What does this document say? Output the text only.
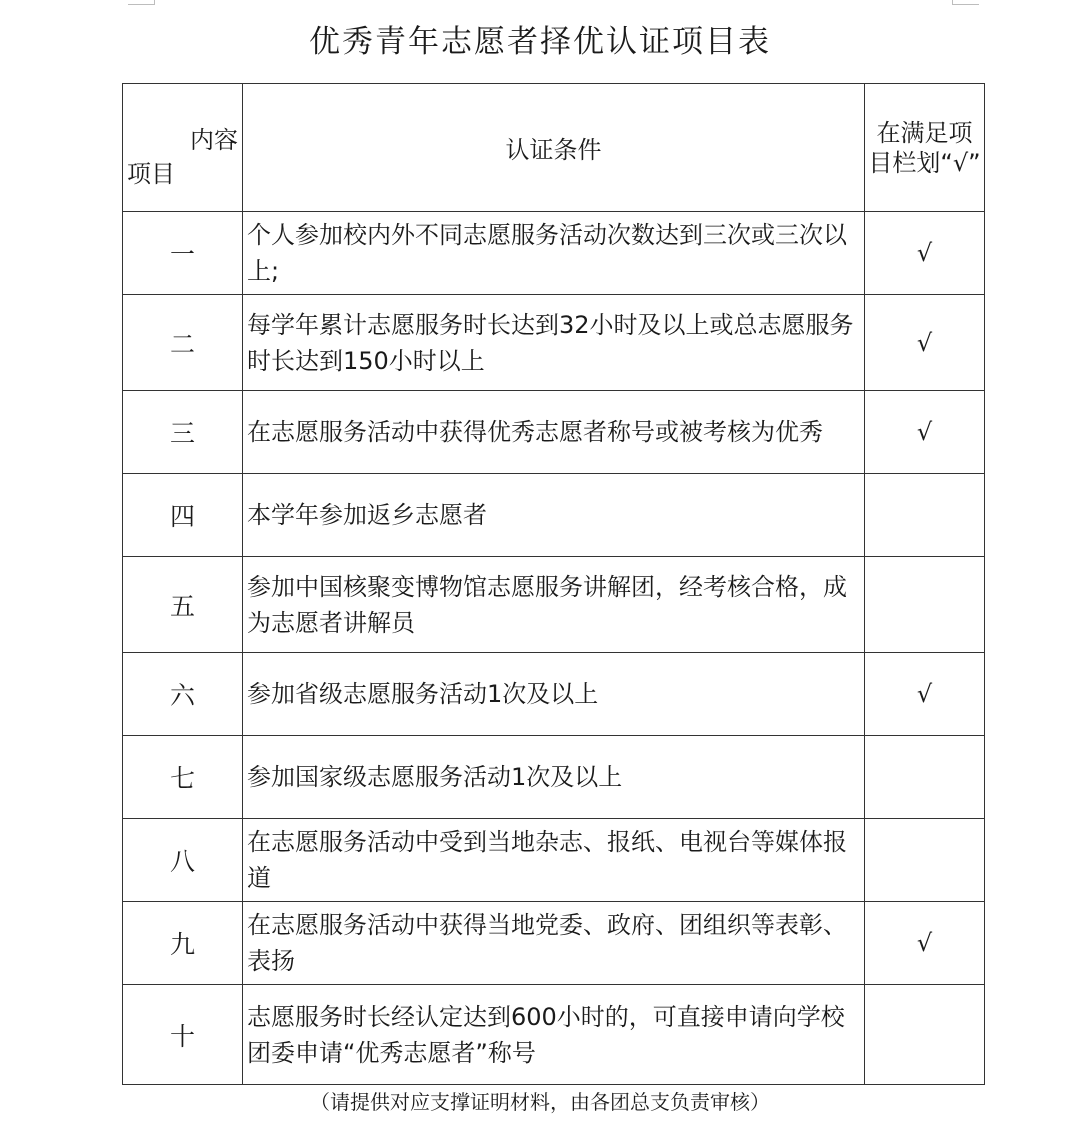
优秀青年志愿者择优认证项目表
内容
项目	认证条件	在满足项目栏划“√”
一	个人参加校内外不同志愿服务活动次数达到三次或三次以上;	√
二	每学年累计志愿服务时长达到32小时及以上或总志愿服务时长达到150小时以上	√
三	在志愿服务活动中获得优秀志愿者称号或被考核为优秀	√
四	本学年参加返乡志愿者	
五	参加中国核聚变博物馆志愿服务讲解团，经考核合格，成为志愿者讲解员	
六	参加省级志愿服务活动1次及以上	√
七	参加国家级志愿服务活动1次及以上	
八	在志愿服务活动中受到当地杂志、报纸、电视台等媒体报道	
九	在志愿服务活动中获得当地党委、政府、团组织等表彰、表扬	√
十	志愿服务时长经认定达到600小时的，可直接申请向学校团委申请“优秀志愿者”称号	
（请提供对应支撑证明材料，由各团总支负责审核）
